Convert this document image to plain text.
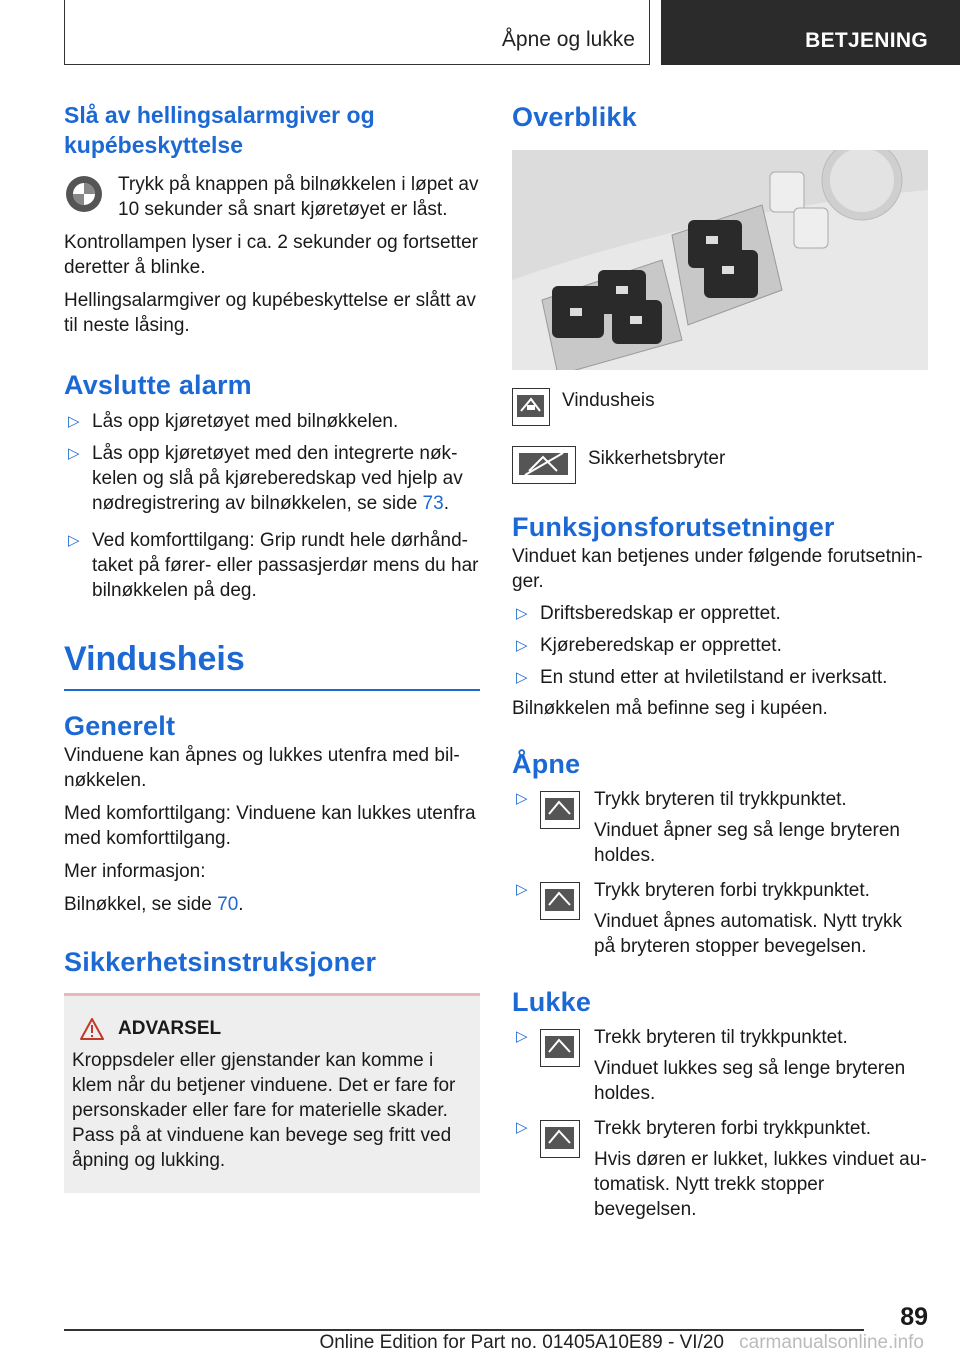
Åpne og lukke	BETJENING
Slå av hellingsalarmgiver og kupébeskyttelse
Trykk på knappen på bilnøkkelen i løpet av 10 sekunder så snart kjøretøyet er låst.

Kontrollampen lyser i ca. 2 sekunder og fortsetter deretter å blinke.

Hellingsalarmgiver og kupébeskyttelse er slått av til neste låsing.

Avslutte alarm
▷ Lås opp kjøretøyet med bilnøkkelen.
▷ Lås opp kjøretøyet med den integrerte nøkkelen og slå på kjøreberedskap ved hjelp av nødregistrering av bilnøkkelen, se side 73.
▷ Ved komforttilgang: Grip rundt hele dørhåndtaket på fører- eller passasjerdør mens du har bilnøkkelen på deg.
Vindusheis
Generelt

Vinduene kan åpnes og lukkes utenfra med bilnøkkelen.

Med komforttilgang: Vinduene kan lukkes utenfra med komforttilgang.

Mer informasjon:

Bilnøkkel, se side 70.

Sikkerhetsinstruksjoner
ADVARSEL

Kroppsdeler eller gjenstander kan komme i klem når du betjener vinduene. Det er fare for personskader eller fare for materielle skader.

Pass på at vinduene kan bevege seg fritt ved åpning og lukking.

Overblikk
Vindusheis
Sikkerhetsbryter
Funksjonsforutsetninger

Vinduet kan betjenes under følgende forutsetninger.

▷ Driftsberedskap er opprettet.
▷ Kjøreberedskap er opprettet.
▷ En stund etter at hviletilstand er iverksatt.

Bilnøkkelen må befinne seg i kupéen.

Åpne
▷	Trykk bryteren til trykkpunktet.
Vinduet åpner seg så lenge bryteren holdes.
▷	Trykk bryteren forbi trykkpunktet.
Vinduet åpnes automatisk. Nytt trykk på bryteren stopper bevegelsen.
Lukke
▷	Trekk bryteren til trykkpunktet.
Vinduet lukkes seg så lenge bryteren holdes.
▷	Trekk bryteren forbi trykkpunktet.
Hvis døren er lukket, lukkes vinduet automatisk. Nytt trekk stopper bevegelsen.
89
Online Edition for Part no. 01405A10E89 - VI/20 carmanualsonline.info
